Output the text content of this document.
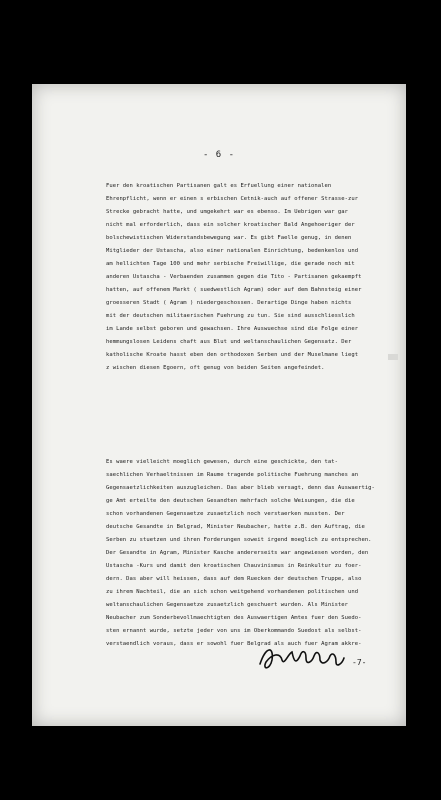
- 6 -
Fuer den kroatischen Partisanen galt es Erfuellung einer nationalen
Ehrenpflicht, wenn er einen s erbischen Cetnik-auch auf offener Strasse-zur
Strecke gebracht hatte, und umgekehrt war es ebenso. Im Uebrigen war gar
nicht mal erforderlich, dass ein solcher kroatischer Bald Angehoeriger der
bolschewistischen Widerstandsbewegung war. Es gibt Faelle genug, in denen
Mitglieder der Ustascha, also einer nationalen Einrichtung, bedenkenlos und
am hellichten Tage 100 und mehr serbische Freiwillige, die gerade noch mit
anderen Ustascha - Verbaenden zusammen gegen die Tito - Partisanen gekaempft
hatten, auf offenem Markt ( suedwestlich Agram) oder auf dem Bahnsteig einer
groesseren Stadt ( Agram ) niedergeschossen. Derartige Dinge haben nichts
mit der deutschen militaerischen Fuehrung zu tun. Sie sind ausschliesslich
im Lande selbst geboren und gewachsen. Ihre Auswuechse sind die Folge einer
hemmungslosen Leidens chaft aus Blut und weltanschaulichen Gegensatz. Der
katholische Kroate hasst eben den orthodoxen Serben und der Muselmane liegt
z wischen diesen Egoern, oft genug von beiden Seiten angefeindet.
Es waere vielleicht moeglich gewesen, durch eine geschickte, den tat-
saechlichen Verhaeltnissen im Raume tragende politische Fuehrung manches an
Gegensaetzlichkeiten auszugleichen. Das aber blieb versagt, denn das Auswaertig-
ge Amt erteilte den deutschen Gesandten mehrfach solche Weisungen, die die
schon vorhandenen Gegensaetze zusaetzlich noch verstaerken mussten. Der
deutsche Gesandte in Belgrad, Minister Neubacher, hatte z.B. den Auftrag, die
Serben zu stuetzen und ihren Forderungen soweit irgend moeglich zu entsprechen.
Der Gesandte in Agram, Minister Kasche andererseits war angewiesen worden, den
Ustascha -Kurs und damit den kroatischen Chauvinismus in Reinkultur zu foer-
dern. Das aber will heissen, dass auf dem Ruecken der deutschen Truppe, also
zu ihrem Nachteil, die an sich schon weitgehend vorhandenen politischen und
weltanschaulichen Gegensaetze zusaetzlich geschuert wurden. Als Minister
Neubacher zum Sonderbevollmaechtigten des Auswaertigen Amtes fuer den Suedo-
sten ernannt wurde, setzte jeder von uns im Oberkommando Suedost als selbst-
verstaendlich voraus, dass er sowohl fuer Belgrad als auch fuer Agram akkre-
-7-
